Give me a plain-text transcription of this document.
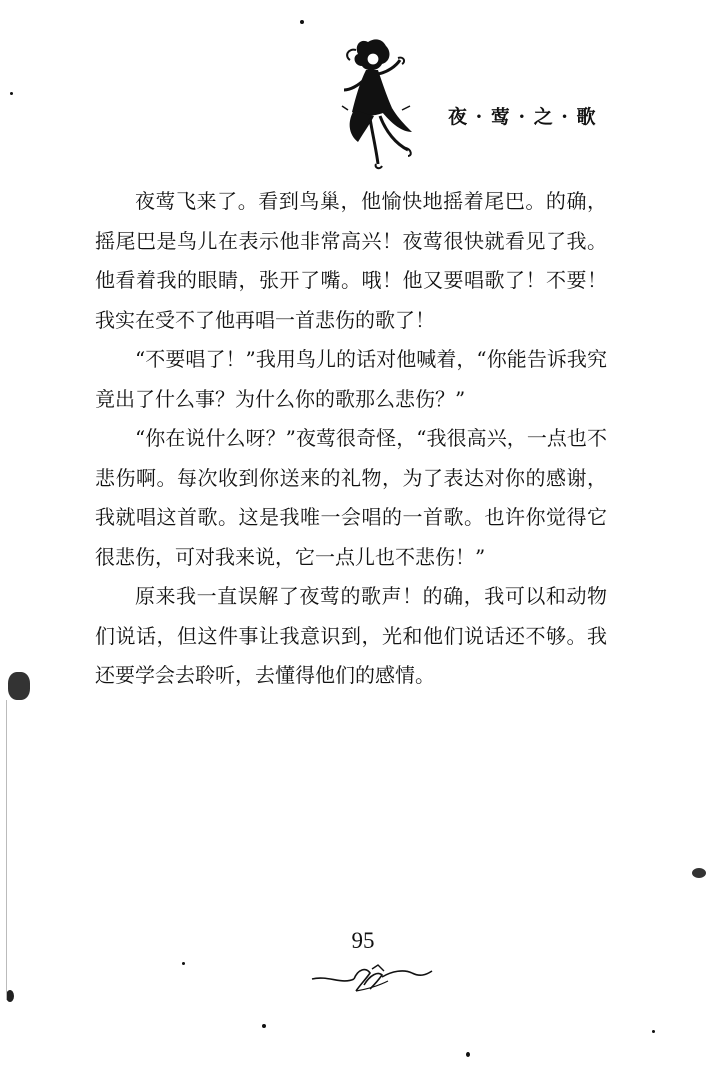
夜 · 莺 · 之 · 歌

夜莺飞来了。看到鸟巢，他愉快地摇着尾巴。的确，摇尾巴是鸟儿在表示他非常高兴！夜莺很快就看见了我。他看着我的眼睛，张开了嘴。哦！他又要唱歌了！不要！我实在受不了他再唱一首悲伤的歌了！

“不要唱了！”我用鸟儿的话对他喊着，“你能告诉我究竟出了什么事？为什么你的歌那么悲伤？”

“你在说什么呀？”夜莺很奇怪，“我很高兴，一点也不悲伤啊。每次收到你送来的礼物，为了表达对你的感谢，我就唱这首歌。这是我唯一会唱的一首歌。也许你觉得它很悲伤，可对我来说，它一点儿也不悲伤！”

原来我一直误解了夜莺的歌声！的确，我可以和动物们说话，但这件事让我意识到，光和他们说话还不够。我还要学会去聆听，去懂得他们的感情。

95
